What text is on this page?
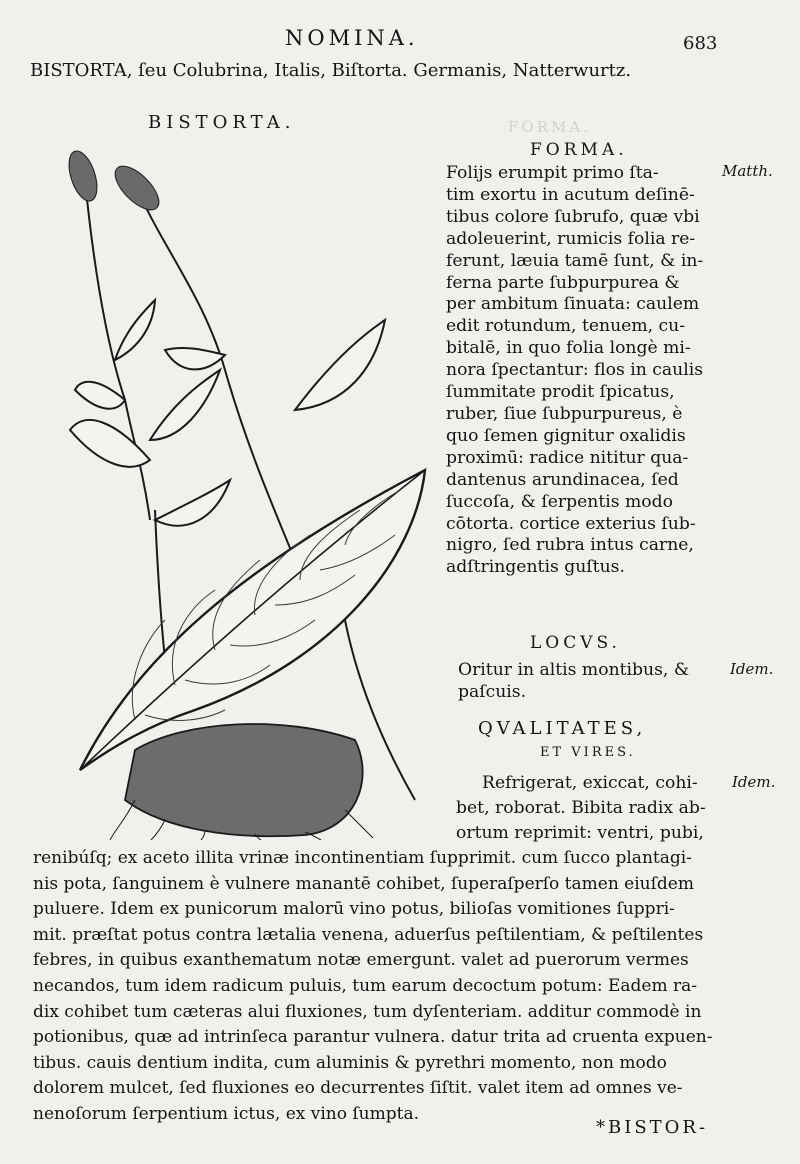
FORMA.
NOMINA.	683
BISTORTA, ſeu Colubrina, Italis, Biſtorta. Germanis, Natterwurtz.
BISTORTA.
FORMA.
Matth.
Folijs erumpit primo ſta-
tim exortu in acutum deſinē-
tibus colore ſubrufo, quæ vbi
adoleuerint, rumicis folia re-
ferunt, læuia tamē ſunt, & in-
ferna parte ſubpurpurea &
per ambitum ſinuata: caulem
edit rotundum, tenuem, cu-
bitalē, in quo folia longè mi-
nora ſpectantur: flos in caulis
ſummitate prodit ſpicatus,
ruber, ſiue ſubpurpureus, è
quo ſemen gignitur oxalidis
proximū: radice nititur qua-
dantenus arundinacea, ſed
ſuccoſa, & ſerpentis modo
cōtorta. cortice exterius ſub-
nigro, ſed rubra intus carne,
adſtringentis guſtus.
LOCVS.
Idem.
Oritur in altis montibus, &
paſcuis.
QVALITATES,
ET VIRES.
Idem.
Refrigerat, exiccat, cohi-
bet, roborat. Bibita radix ab-
ortum reprimit: ventri, pubi,
renibúſq; ex aceto illita vrinæ incontinentiam ſupprimit. cum ſucco plantagi-
nis pota, ſanguinem è vulnere manantē cohibet, ſuperaſperſo tamen eiuſdem
puluere. Idem ex punicorum malorū vino potus, bilioſas vomitiones ſuppri-
mit. præſtat potus contra lætalia venena, aduerſus peſtilentiam, & peſtilentes
febres, in quibus exanthematum notæ emergunt. valet ad puerorum vermes
necandos, tum idem radicum puluis, tum earum decoctum potum: Eadem ra-
dix cohibet tum cæteras alui fluxiones, tum dyſenteriam. additur commodè in
potionibus, quæ ad intrinſeca parantur vulnera. datur trita ad cruenta expuen-
tibus. cauis dentium indita, cum aluminis & pyrethri momento, non modo
dolorem mulcet, ſed fluxiones eo decurrentes ſiſtit. valet item ad omnes ve-
nenoſorum ſerpentium ictus, ex vino ſumpta.
*BISTOR-
